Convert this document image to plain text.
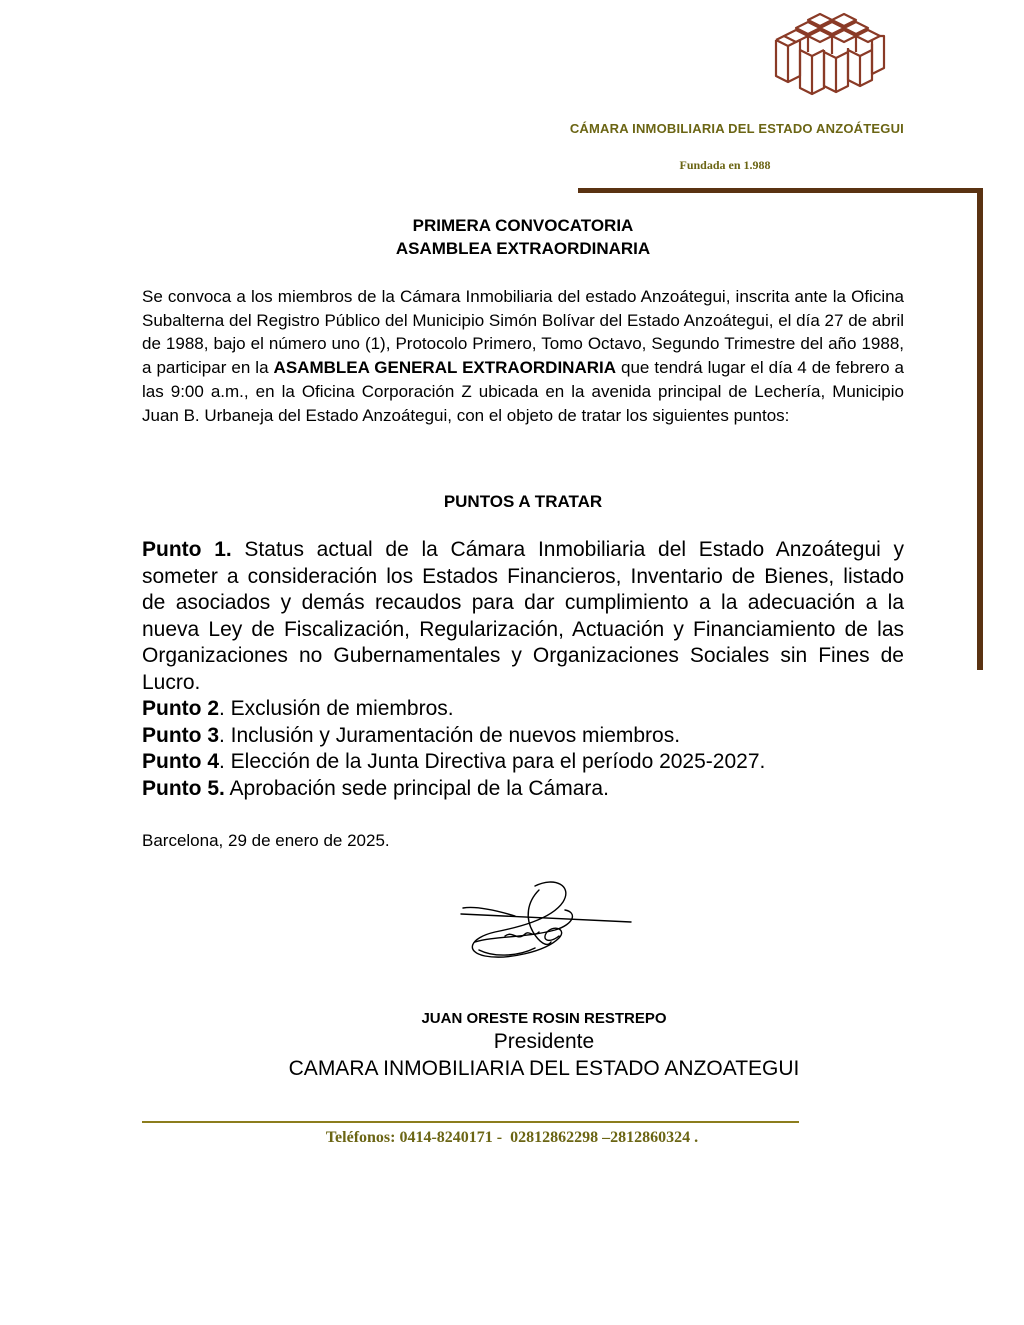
CÁMARA INMOBILIARIA DEL ESTADO ANZOÁTEGUI
Fundada en 1.988
PRIMERA CONVOCATORIA
ASAMBLEA EXTRAORDINARIA

Se convoca a los miembros de la Cámara Inmobiliaria del estado Anzoátegui, inscrita ante la Oficina Subalterna del Registro Público del Municipio Simón Bolívar del Estado Anzoátegui, el día 27 de abril de 1988, bajo el número uno (1), Protocolo Primero, Tomo Octavo, Segundo Trimestre del año 1988, a participar en la ASAMBLEA GENERAL EXTRAORDINARIA que tendrá lugar el día 4 de febrero a las 9:00 a.m., en la Oficina Corporación Z ubicada en la avenida principal de Lechería, Municipio Juan B. Urbaneja del Estado Anzoátegui, con el objeto de tratar los siguientes puntos:

PUNTOS A TRATAR

Punto 1. Status actual de la Cámara Inmobiliaria del Estado Anzoátegui y someter a consideración los Estados Financieros, Inventario de Bienes, listado de asociados y demás recaudos para dar cumplimiento a la adecuación a la nueva Ley de Fiscalización, Regularización, Actuación y Financiamiento de las Organizaciones no Gubernamentales y Organizaciones Sociales sin Fines de Lucro.

Punto 2. Exclusión de miembros.

Punto 3. Inclusión y Juramentación de nuevos miembros.

Punto 4. Elección de la Junta Directiva para el período 2025-2027.

Punto 5. Aprobación sede principal de la Cámara.

Barcelona, 29 de enero de 2025.
JUAN ORESTE ROSIN RESTREPO
Presidente
CAMARA INMOBILIARIA DEL ESTADO ANZOATEGUI
Teléfonos: 0414-8240171 -  02812862298 –2812860324 .
